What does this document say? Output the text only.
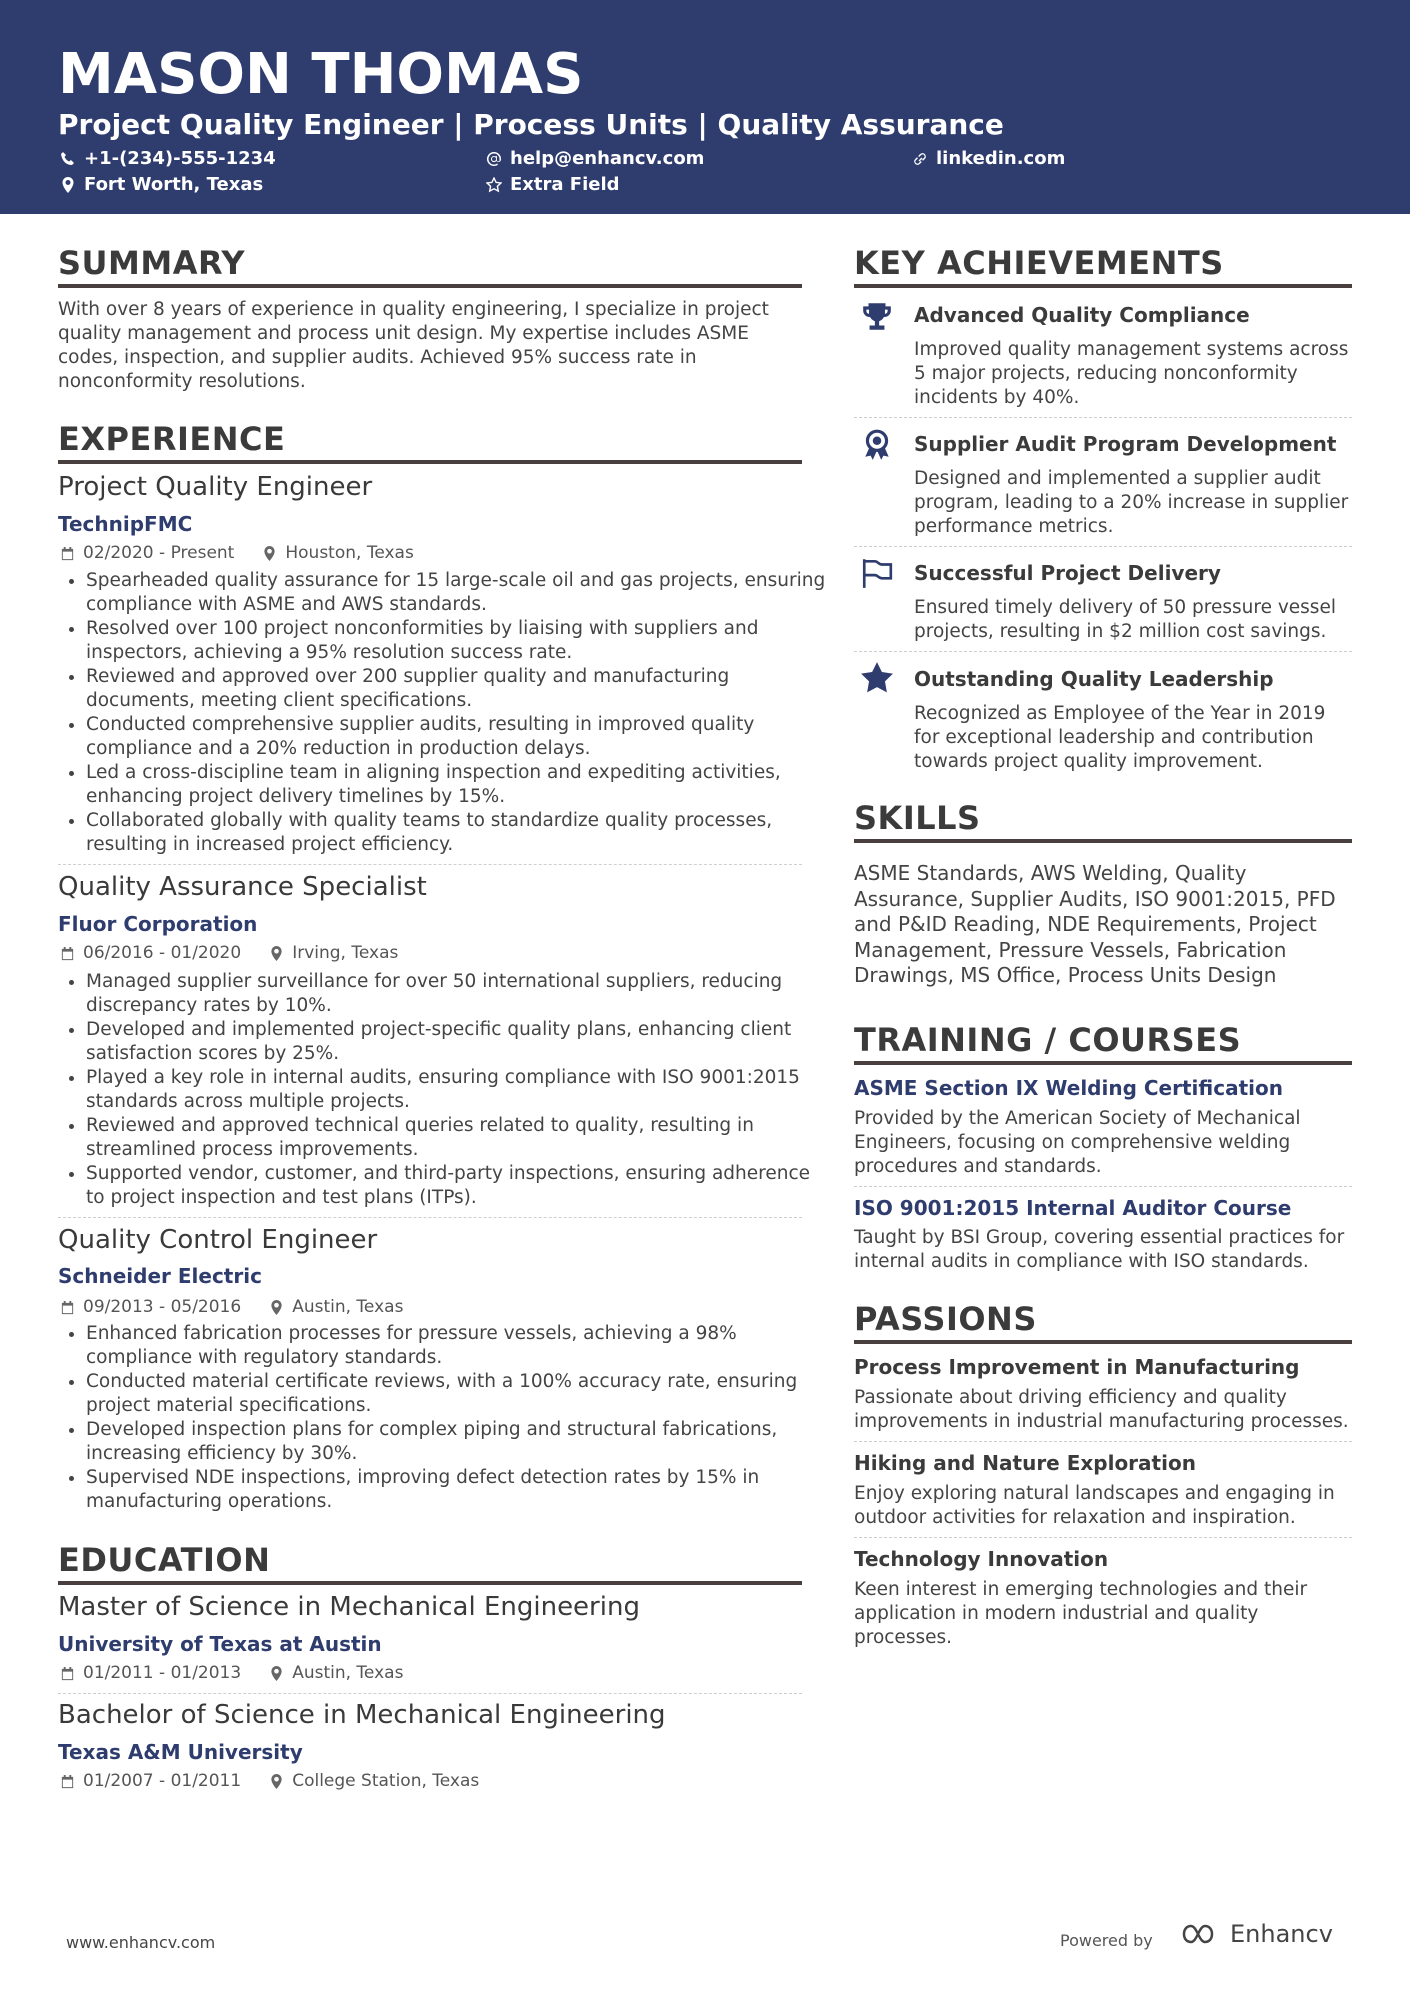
MASON THOMAS
Project Quality Engineer | Process Units | Quality Assurance
+1-(234)-555-1234	help@enhancv.com	linkedin.com
Fort Worth, Texas	Extra Field
SUMMARY
With over 8 years of experience in quality engineering, I specialize in project quality management and process unit design. My expertise includes ASME codes, inspection, and supplier audits. Achieved 95% success rate in nonconformity resolutions.
EXPERIENCE
Project Quality Engineer
TechnipFMC
02/2020 - Present	Houston, Texas
• Spearheaded quality assurance for 15 large-scale oil and gas projects, ensuring compliance with ASME and AWS standards.
• Resolved over 100 project nonconformities by liaising with suppliers and inspectors, achieving a 95% resolution success rate.
• Reviewed and approved over 200 supplier quality and manufacturing documents, meeting client specifications.
• Conducted comprehensive supplier audits, resulting in improved quality compliance and a 20% reduction in production delays.
• Led a cross-discipline team in aligning inspection and expediting activities, enhancing project delivery timelines by 15%.
• Collaborated globally with quality teams to standardize quality processes, resulting in increased project efficiency.
Quality Assurance Specialist
Fluor Corporation
06/2016 - 01/2020	Irving, Texas
• Managed supplier surveillance for over 50 international suppliers, reducing discrepancy rates by 10%.
• Developed and implemented project-specific quality plans, enhancing client satisfaction scores by 25%.
• Played a key role in internal audits, ensuring compliance with ISO 9001:2015 standards across multiple projects.
• Reviewed and approved technical queries related to quality, resulting in streamlined process improvements.
• Supported vendor, customer, and third-party inspections, ensuring adherence to project inspection and test plans (ITPs).
Quality Control Engineer
Schneider Electric
09/2013 - 05/2016	Austin, Texas
• Enhanced fabrication processes for pressure vessels, achieving a 98% compliance with regulatory standards.
• Conducted material certificate reviews, with a 100% accuracy rate, ensuring project material specifications.
• Developed inspection plans for complex piping and structural fabrications, increasing efficiency by 30%.
• Supervised NDE inspections, improving defect detection rates by 15% in manufacturing operations.
EDUCATION
Master of Science in Mechanical Engineering
University of Texas at Austin
01/2011 - 01/2013	Austin, Texas
Bachelor of Science in Mechanical Engineering
Texas A&M University
01/2007 - 01/2011	College Station, Texas
KEY ACHIEVEMENTS
Advanced Quality Compliance
Improved quality management systems across 5 major projects, reducing nonconformity incidents by 40%.
Supplier Audit Program Development
Designed and implemented a supplier audit program, leading to a 20% increase in supplier performance metrics.
Successful Project Delivery
Ensured timely delivery of 50 pressure vessel projects, resulting in $2 million cost savings.
Outstanding Quality Leadership
Recognized as Employee of the Year in 2019 for exceptional leadership and contribution towards project quality improvement.
SKILLS
ASME Standards, AWS Welding, Quality Assurance, Supplier Audits, ISO 9001:2015, PFD and P&ID Reading, NDE Requirements, Project Management, Pressure Vessels, Fabrication Drawings, MS Office, Process Units Design
TRAINING / COURSES
ASME Section IX Welding Certification
Provided by the American Society of Mechanical Engineers, focusing on comprehensive welding procedures and standards.
ISO 9001:2015 Internal Auditor Course
Taught by BSI Group, covering essential practices for internal audits in compliance with ISO standards.
PASSIONS
Process Improvement in Manufacturing
Passionate about driving efficiency and quality improvements in industrial manufacturing processes.
Hiking and Nature Exploration
Enjoy exploring natural landscapes and engaging in outdoor activities for relaxation and inspiration.
Technology Innovation
Keen interest in emerging technologies and their application in modern industrial and quality processes.
www.enhancv.com	Powered by	Enhancv
